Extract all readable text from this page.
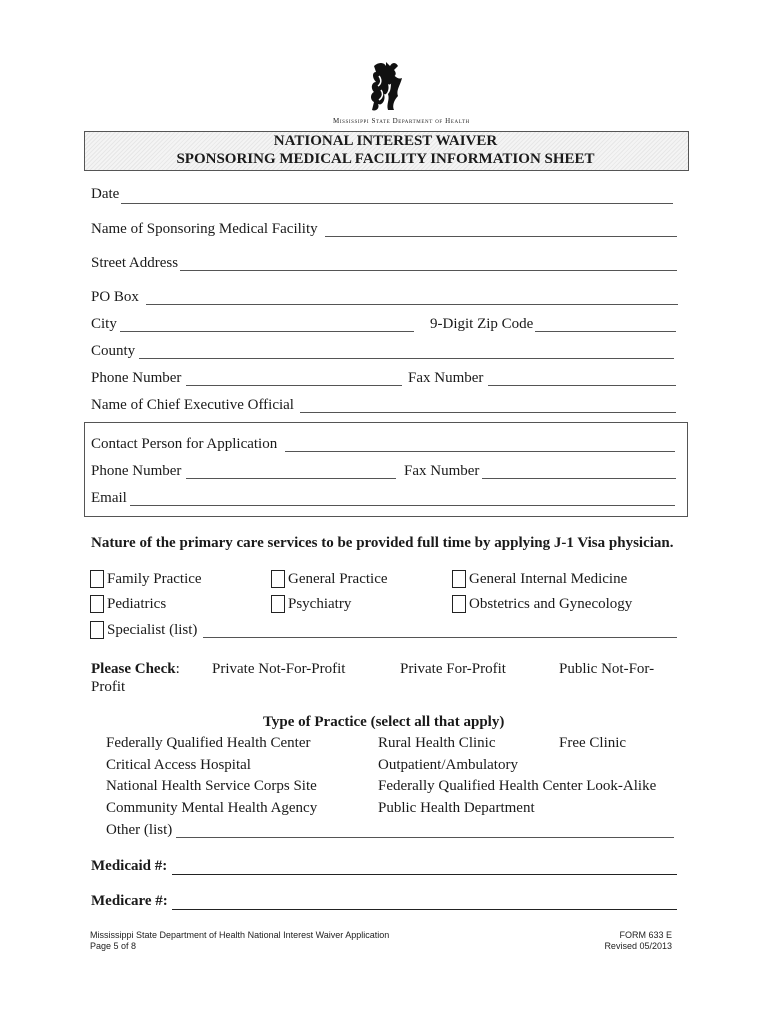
Mississippi State Department of Health
NATIONAL INTEREST WAIVER
SPONSORING MEDICAL FACILITY INFORMATION SHEET
Date
Name of Sponsoring Medical Facility
Street Address
PO Box
City	9-Digit Zip Code
County
Phone Number	Fax Number
Name of Chief Executive Official
Contact Person for Application
Phone Number	Fax Number
Email
Nature of the primary care services to be provided full time by applying J-1 Visa physician.
Family Practice	General Practice	General Internal Medicine
Pediatrics	Psychiatry	Obstetrics and Gynecology
Specialist (list)
Please Check: Private Not-For-Profit	Private For-Profit	Public Not-For-
Profit
Type of Practice (select all that apply)
Federally Qualified Health Center	Rural Health Clinic	Free Clinic
Critical Access Hospital	Outpatient/Ambulatory
National Health Service Corps Site	Federally Qualified Health Center Look-Alike
Community Mental Health Agency	Public Health Department
Other (list)
Medicaid #:
Medicare #:
Mississippi State Department of Health National Interest Waiver Application
Page 5 of 8
FORM 633 E
Revised 05/2013
